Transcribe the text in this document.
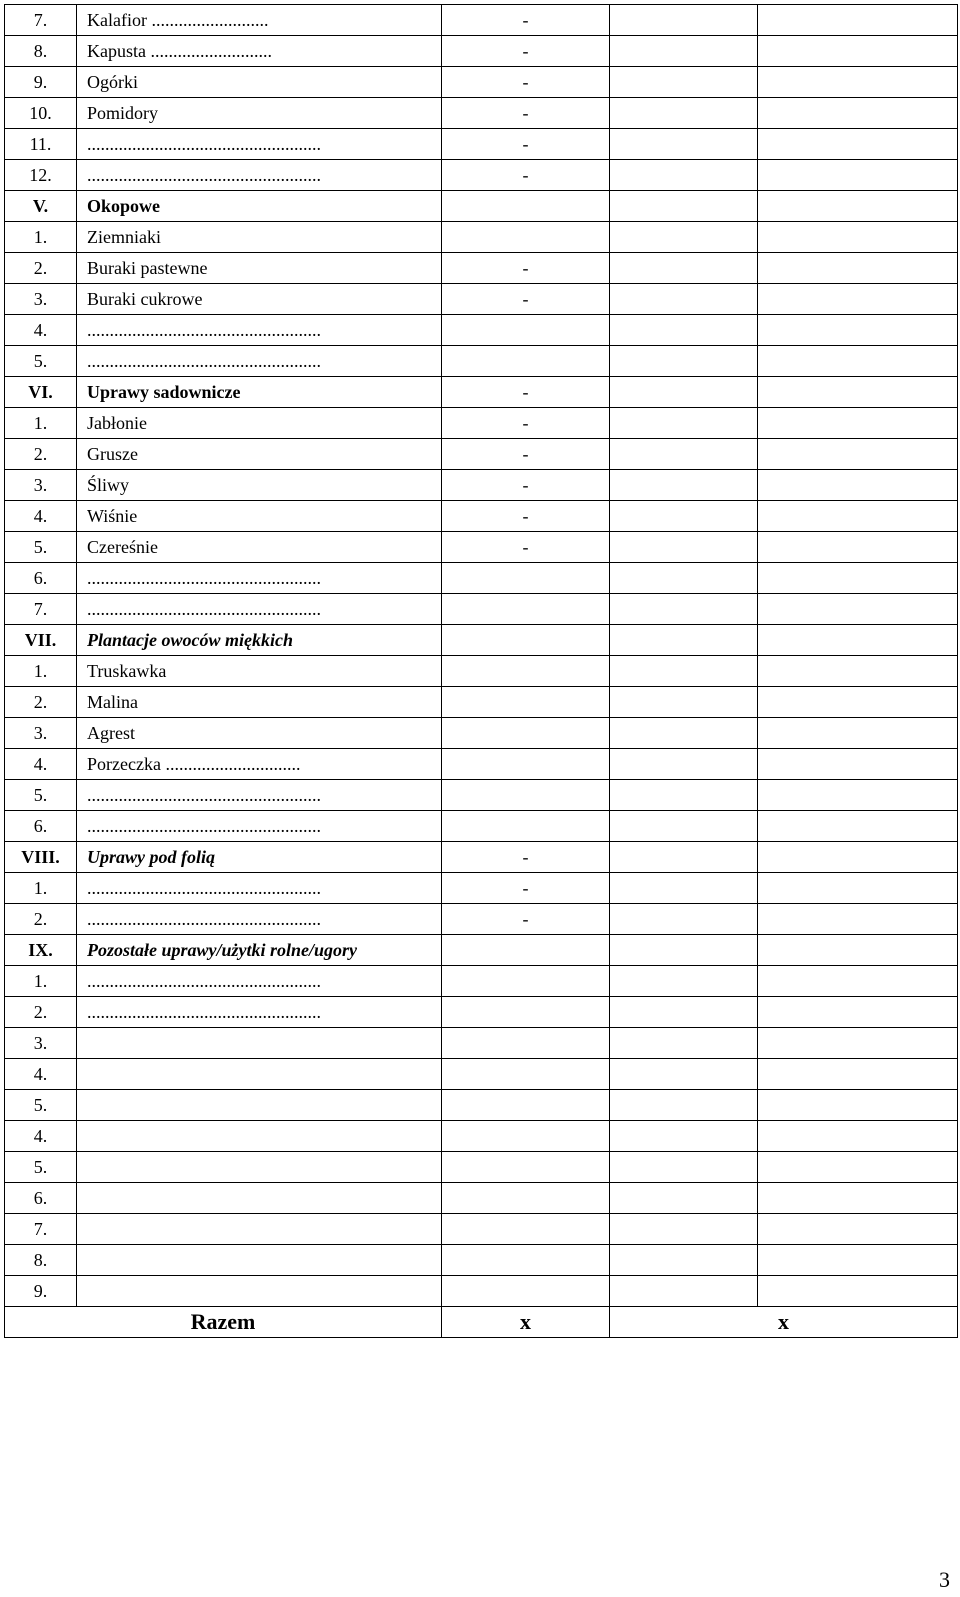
7.	Kalafior ..........................	-		
8.	Kapusta ...........................	-		
9.	Ogórki	-		
10.	Pomidory	-		
11.	....................................................	-		
12.	....................................................	-		
V.	Okopowe			
1.	Ziemniaki			
2.	Buraki pastewne	-		
3.	Buraki cukrowe	-		
4.	....................................................			
5.	....................................................			
VI.	Uprawy sadownicze	-		
1.	Jabłonie	-		
2.	Grusze	-		
3.	Śliwy	-		
4.	Wiśnie	-		
5.	Czereśnie	-		
6.	....................................................			
7.	....................................................			
VII.	Plantacje owoców miękkich			
1.	Truskawka			
2.	Malina			
3.	Agrest			
4.	Porzeczka ..............................			
5.	....................................................			
6.	....................................................			
VIII.	Uprawy pod folią	-		
1.	....................................................	-		
2.	....................................................	-		
IX.	Pozostałe uprawy/użytki rolne/ugory			
1.	....................................................			
2.	....................................................			
3.				
4.				
5.				
4.				
5.				
6.				
7.				
8.				
9.				
Razem		x	x	
3
